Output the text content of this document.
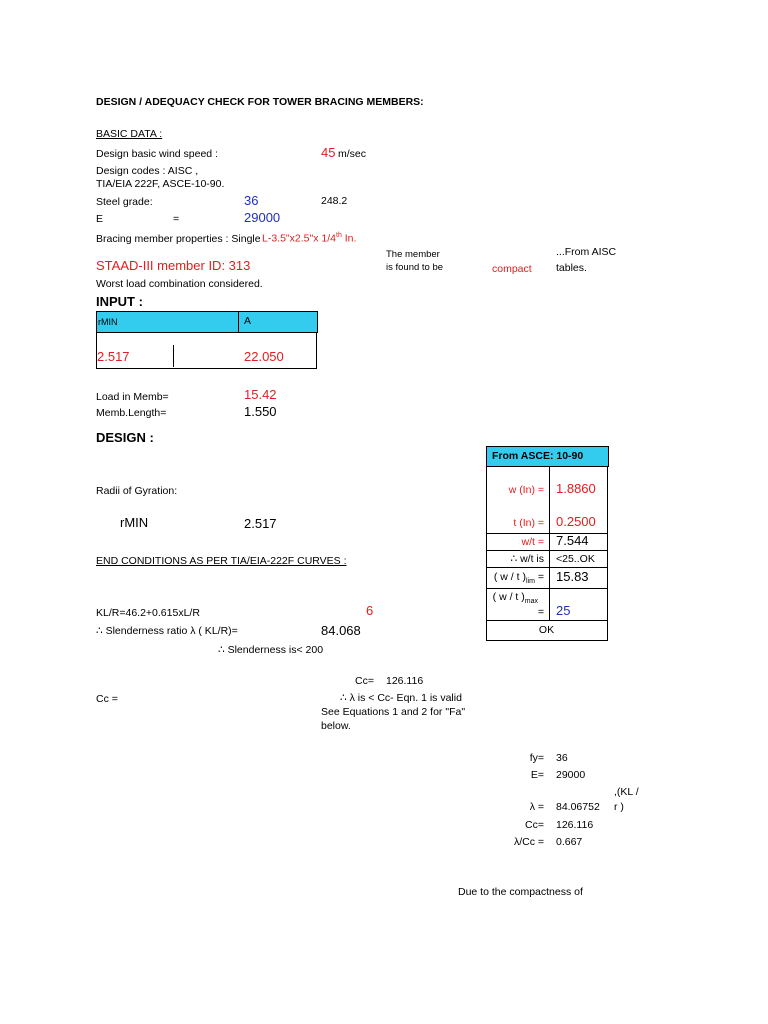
DESIGN / ADEQUACY CHECK FOR TOWER BRACING MEMBERS:
BASIC DATA :
Design basic wind speed :	45 m/sec
Design codes : AISC ,
TIA/EIA 222F, ASCE-10-90.
Steel grade:	36	248.2
E	=	29000
Bracing member properties : Single L-3.5"x2.5"x 1/4th In.
The member
is found to be	compact
...From AISC
tables.
STAAD-III member ID: 313
Worst load combination considered.
INPUT :
rMIN	A
2.517	22.050
Load in Memb=	15.42
Memb.Length=	1.550
DESIGN :
Radii of Gyration:
rMIN	2.517
END CONDITIONS AS PER TIA/EIA-222F CURVES :
KL/R=46.2+0.615xL/R	6
∴ Slenderness ratio λ ( KL/R)=	84.068
∴ Slenderness is< 200
Cc= 126.116
Cc =	∴ λ is < Cc- Eqn. 1 is valid
See Equations 1 and 2 for "Fa"
below.
From ASCE: 10-90
w (In) = 1.8860
t (In) = 0.2500
w/t = 7.544
∴ w/t is <25..OK
( w / t )$_{lim} = 15.83$
( w / t )$_{max}$
= 25
OK
fy= 36
E= 29000
,(KL /
r )
λ = 84.06752
Cc= 126.116
λ/Cc = 0.667
Due to the compactness of
